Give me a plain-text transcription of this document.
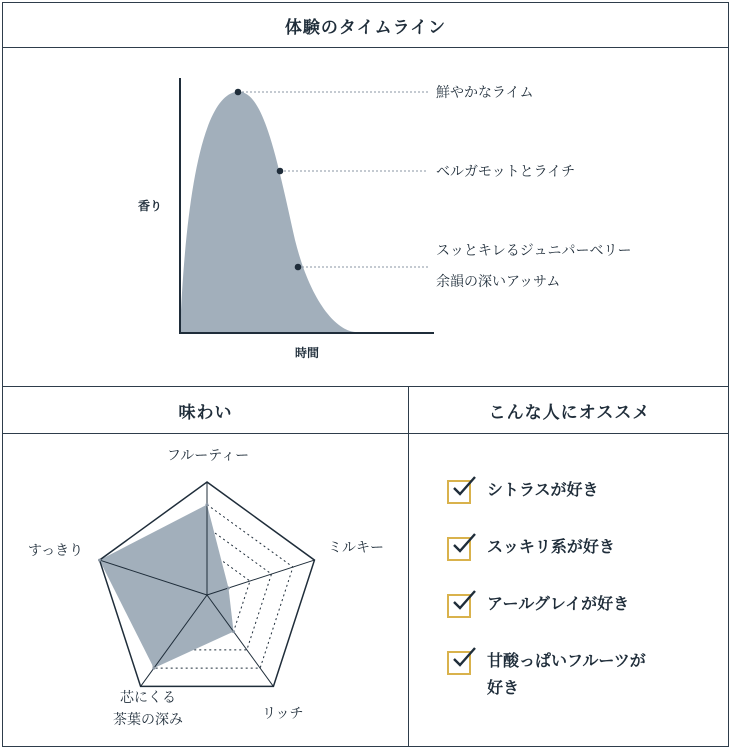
体験のタイムライン
味わい	こんな人にオススメ
鮮やかなライム
ベルガモットとライチ
スッとキレるジュニパーベリー
余韻の深いアッサム
香り
時間
フルーティー
ミルキー
リッチ
芯にくる
茶葉の深み
すっきり
シトラスが好き
スッキリ系が好き
アールグレイが好き
甘酸っぱいフルーツが
好き
